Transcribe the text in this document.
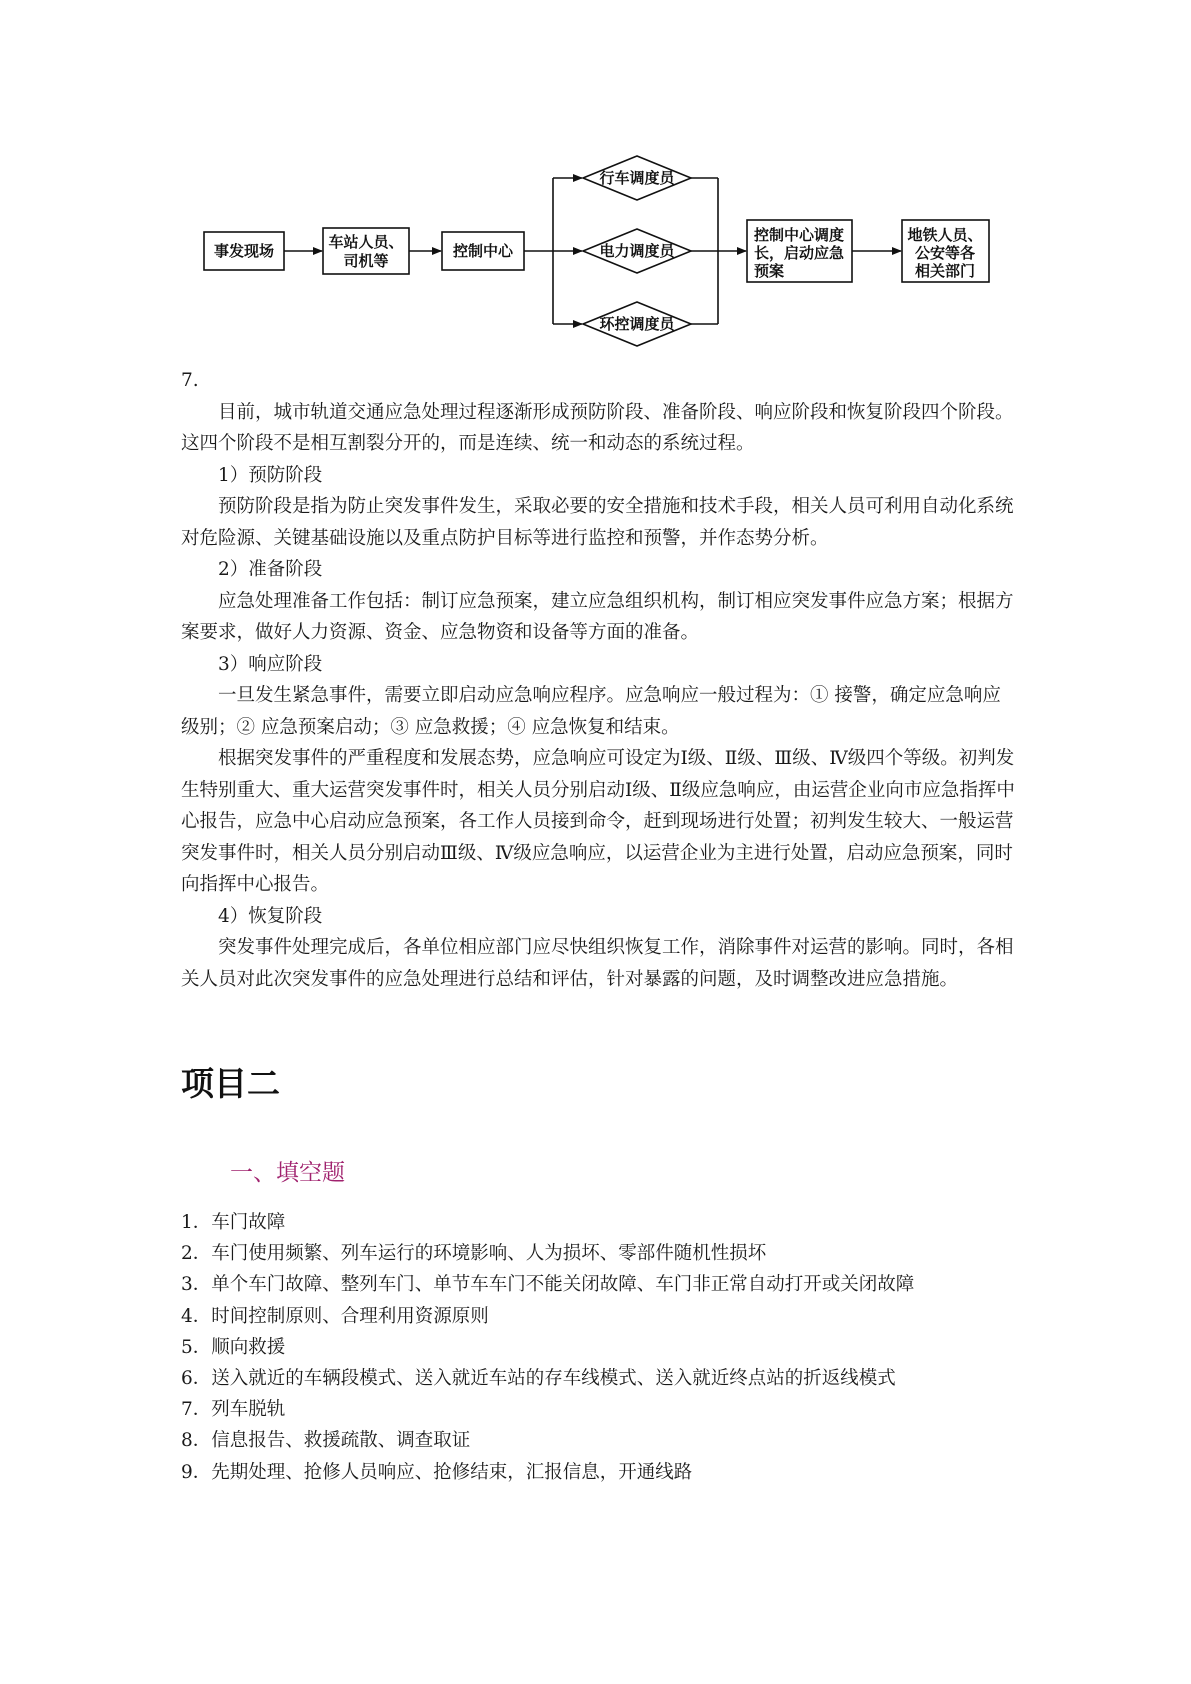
事发现场	车站人员、
司机等
控制中心
行车调度员
电力调度员
环控调度员
控制中心调度
长，启动应急
预案
地铁人员、
公安等各
相关部门

7.

目前，城市轨道交通应急处理过程逐渐形成预防阶段、准备阶段、响应阶段和恢复阶段四个阶段。这四个阶段不是相互割裂分开的，而是连续、统一和动态的系统过程。

1）预防阶段

预防阶段是指为防止突发事件发生，采取必要的安全措施和技术手段，相关人员可利用自动化系统对危险源、关键基础设施以及重点防护目标等进行监控和预警，并作态势分析。

2）准备阶段

应急处理准备工作包括：制订应急预案，建立应急组织机构，制订相应突发事件应急方案；根据方案要求，做好人力资源、资金、应急物资和设备等方面的准备。

3）响应阶段

一旦发生紧急事件，需要立即启动应急响应程序。应急响应一般过程为：① 接警，确定应急响应级别；② 应急预案启动；③ 应急救援；④ 应急恢复和结束。

根据突发事件的严重程度和发展态势，应急响应可设定为Ⅰ级、Ⅱ级、Ⅲ级、Ⅳ级四个等级。初判发生特别重大、重大运营突发事件时，相关人员分别启动Ⅰ级、Ⅱ级应急响应，由运营企业向市应急指挥中心报告，应急中心启动应急预案，各工作人员接到命令，赶到现场进行处置；初判发生较大、一般运营突发事件时，相关人员分别启动Ⅲ级、Ⅳ级应急响应，以运营企业为主进行处置，启动应急预案，同时向指挥中心报告。

4）恢复阶段

突发事件处理完成后，各单位相应部门应尽快组织恢复工作，消除事件对运营的影响。同时，各相关人员对此次突发事件的应急处理进行总结和评估，针对暴露的问题，及时调整改进应急措施。

项目二
一、填空题

1．车门故障

2．车门使用频繁、列车运行的环境影响、人为损坏、零部件随机性损坏

3．单个车门故障、整列车门、单节车车门不能关闭故障、车门非正常自动打开或关闭故障

4．时间控制原则、合理利用资源原则

5．顺向救援

6．送入就近的车辆段模式、送入就近车站的存车线模式、送入就近终点站的折返线模式

7．列车脱轨

8．信息报告、救援疏散、调查取证

9．先期处理、抢修人员响应、抢修结束，汇报信息，开通线路
